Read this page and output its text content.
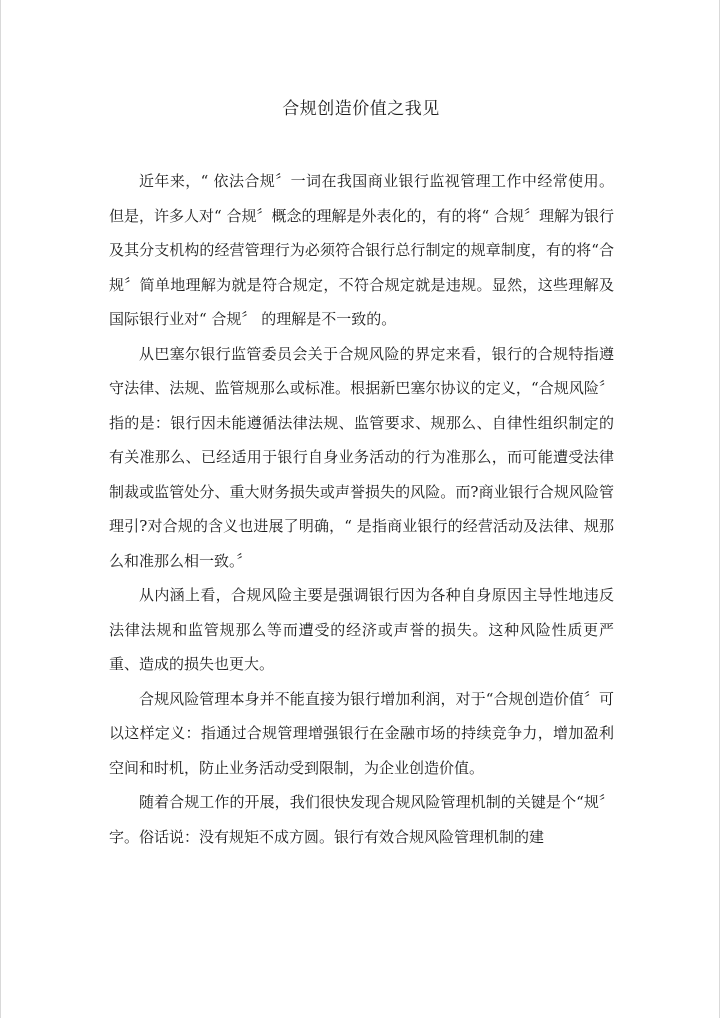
合规创造价值之我见

近年来，“ 依法合规〞一词在我国商业银行监视管理工作中经常使用。但是，许多人对“ 合规〞概念的理解是外表化的，有的将“ 合规〞理解为银行及其分支机构的经营管理行为必须符合银行总行制定的规章制度，有的将“合规〞简单地理解为就是符合规定，不符合规定就是违规。显然，这些理解及国际银行业对“ 合规〞 的理解是不一致的。

从巴塞尔银行监管委员会关于合规风险的界定来看，银行的合规特指遵守法律、法规、监管规那么或标准。根据新巴塞尔协议的定义，“合规风险〞指的是：银行因未能遵循法律法规、监管要求、规那么、自律性组织制定的有关准那么、已经适用于银行自身业务活动的行为准那么，而可能遭受法律制裁或监管处分、重大财务损失或声誉损失的风险。而?商业银行合规风险管理引?对合规的含义也进展了明确，“ 是指商业银行的经营活动及法律、规那么和准那么相一致。〞

从内涵上看，合规风险主要是强调银行因为各种自身原因主导性地违反法律法规和监管规那么等而遭受的经济或声誉的损失。这种风险性质更严重、造成的损失也更大。

合规风险管理本身并不能直接为银行增加利润，对于“合规创造价值〞可以这样定义：指通过合规管理增强银行在金融市场的持续竞争力，增加盈利空间和时机，防止业务活动受到限制，为企业创造价值。

随着合规工作的开展，我们很快发现合规风险管理机制的关键是个“规〞字。俗话说：没有规矩不成方圆。银行有效合规风险管理机制的建
